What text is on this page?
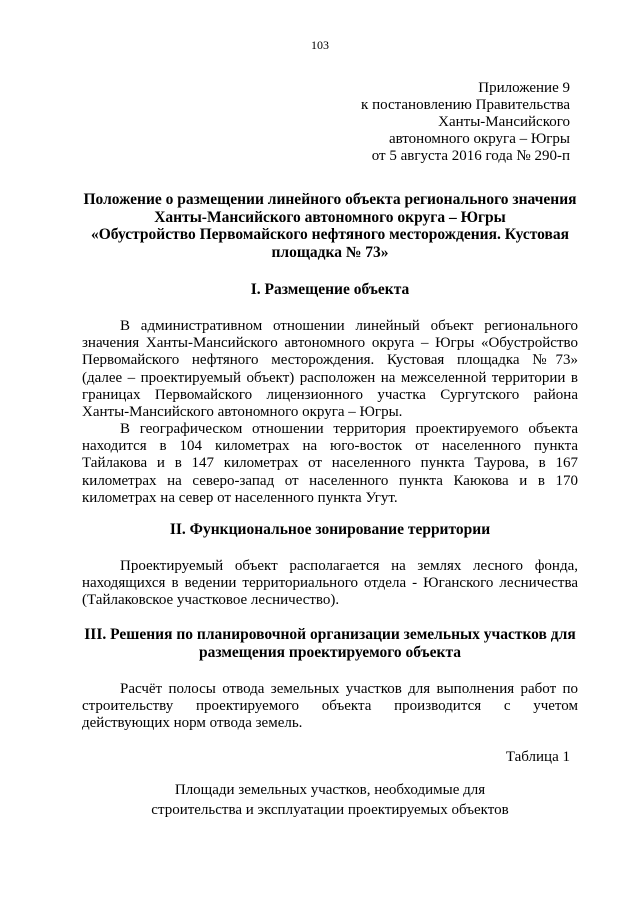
103
Приложение 9
к постановлению Правительства
Ханты-Мансийского
автономного округа – Югры
от 5 августа 2016 года № 290-п
Положение о размещении линейного объекта регионального значения
Ханты-Мансийского автономного округа – Югры
«Обустройство Первомайского нефтяного месторождения. Кустовая
площадка № 73»
I. Размещение объекта
В административном отношении линейный объект регионального
значения Ханты-Мансийского автономного округа – Югры «Обустройство
Первомайского нефтяного месторождения. Кустовая площадка №73»
(далее – проектируемый объект) расположен на межселенной территории в
границах Первомайского лицензионного участка Сургутского района
Ханты-Мансийского автономного округа – Югры.
В географическом отношении территория проектируемого объекта
находится в 104 километрах на юго-восток от населенного пункта
Тайлакова и в 147 километрах от населенного пункта Таурова, в 167
километрах на северо-запад от населенного пункта Каюкова и в 170
километрах на север от населенного пункта Угут.
II. Функциональное зонирование территории
Проектируемый объект располагается на землях лесного фонда,
находящихся в ведении территориального отдела - Юганского лесничества
(Тайлаковское участковое лесничество).
III. Решения по планировочной организации земельных участков для
размещения проектируемого объекта
Расчёт полосы отвода земельных участков для выполнения работ по
строительству проектируемого объекта производится с учетом
действующих норм отвода земель.
Таблица 1
Площади земельных участков, необходимые для
строительства и эксплуатации проектируемых объектов
